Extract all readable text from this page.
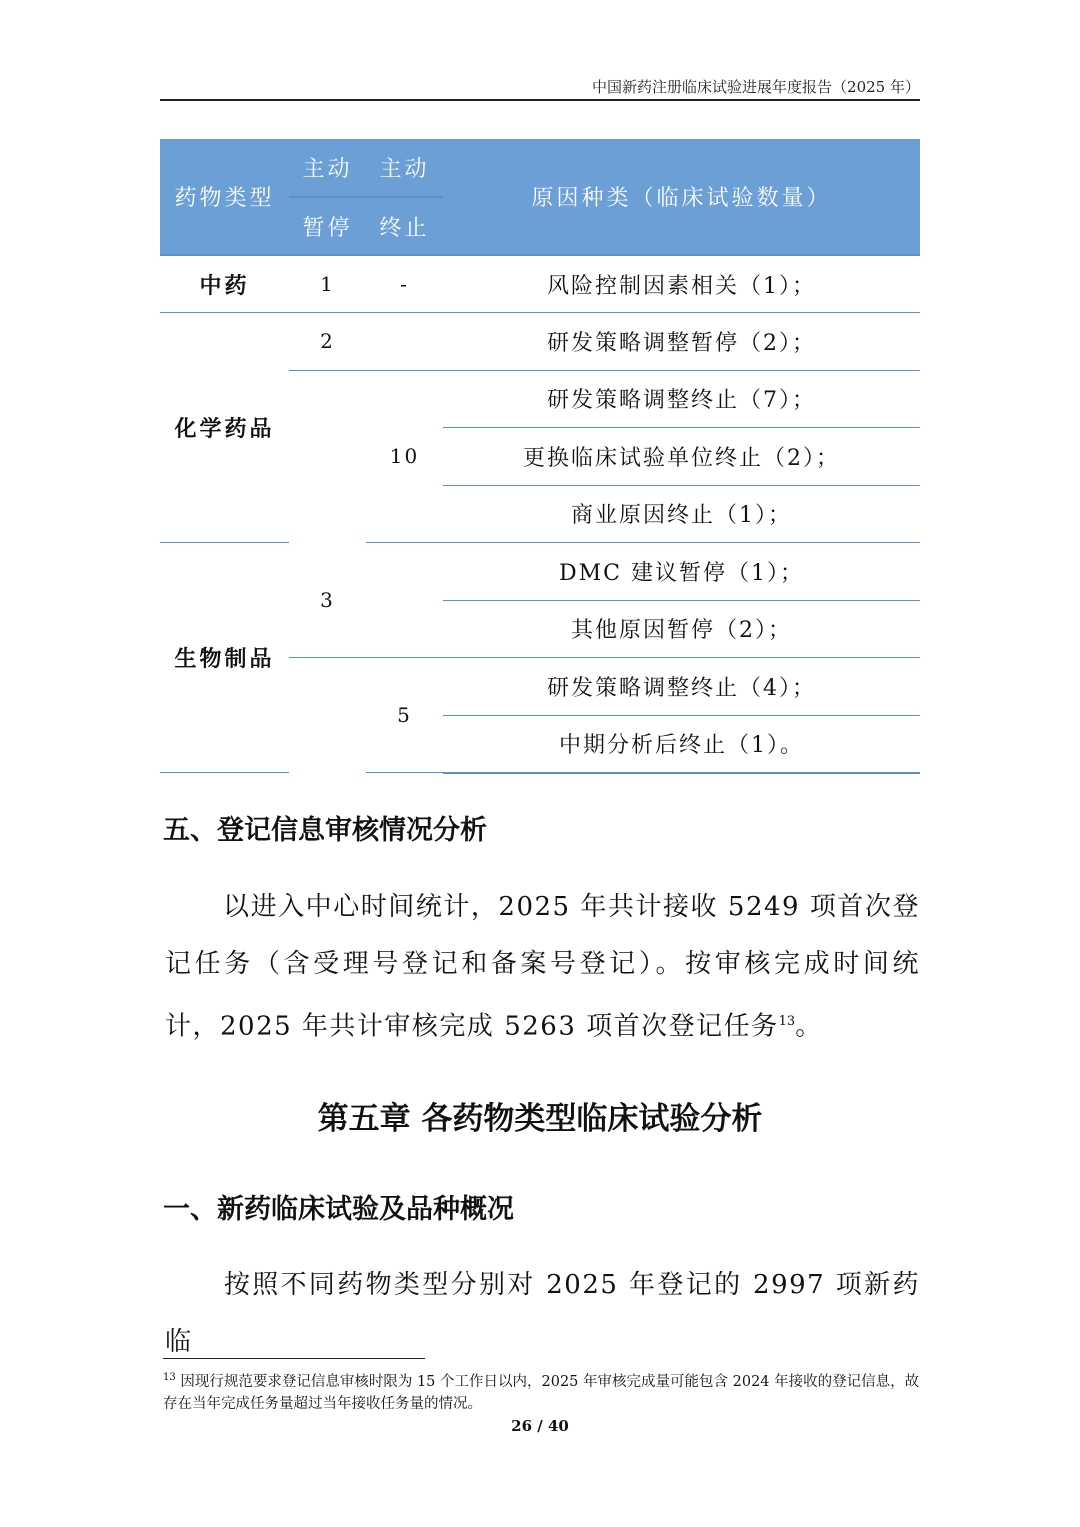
中国新药注册临床试验进展年度报告（2025 年）
药物类型	主动	主动	原因种类（临床试验数量）
	暂停	终止	
中药	1	-	风险控制因素相关（1）；
化学药品	2		研发策略调整暂停（2）；
		10	研发策略调整终止（7）；
			更换临床试验单位终止（2）；
			商业原因终止（1）；
生物制品	3		DMC 建议暂停（1）；
			其他原因暂停（2）；
		5	研发策略调整终止（4）；
			中期分析后终止（1）。
五、登记信息审核情况分析
以进入中心时间统计，2025 年共计接收 5249 项首次登记任务（含受理号登记和备案号登记）。按审核完成时间统计，2025 年共计审核完成 5263 项首次登记任务$^{13}$。
第五章 各药物类型临床试验分析
一、新药临床试验及品种概况
按照不同药物类型分别对 2025 年登记的 2997 项新药临
$^{13}$ 因现行规范要求登记信息审核时限为 15 个工作日以内，2025 年审核完成量可能包含 2024 年接收的登记信息，故存在当年完成任务量超过当年接收任务量的情况。
26 / 40
